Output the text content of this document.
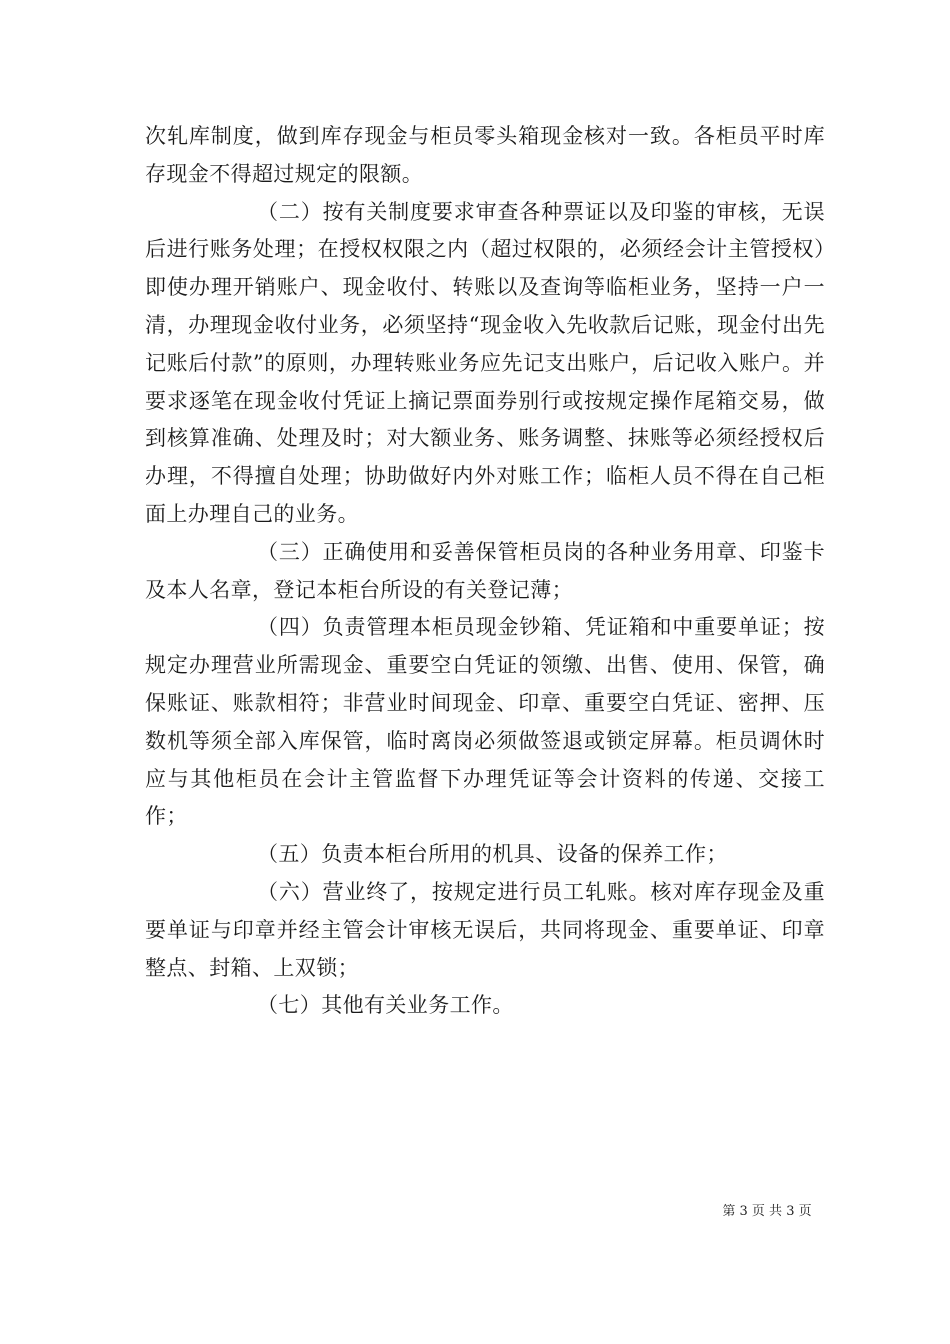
次轧库制度，做到库存现金与柜员零头箱现金核对一致。各柜员平时库存现金不得超过规定的限额。

（二）按有关制度要求审查各种票证以及印鉴的审核，无误后进行账务处理；在授权权限之内（超过权限的，必须经会计主管授权）即使办理开销账户、现金收付、转账以及查询等临柜业务，坚持一户一清，办理现金收付业务，必须坚持“现金收入先收款后记账，现金付出先记账后付款”的原则，办理转账业务应先记支出账户，后记收入账户。并要求逐笔在现金收付凭证上摘记票面券别行或按规定操作尾箱交易，做到核算准确、处理及时；对大额业务、账务调整、抹账等必须经授权后办理，不得擅自处理；协助做好内外对账工作；临柜人员不得在自己柜面上办理自己的业务。

（三）正确使用和妥善保管柜员岗的各种业务用章、印鉴卡及本人名章，登记本柜台所设的有关登记薄；

（四）负责管理本柜员现金钞箱、凭证箱和中重要单证；按规定办理营业所需现金、重要空白凭证的领缴、出售、使用、保管，确保账证、账款相符；非营业时间现金、印章、重要空白凭证、密押、压数机等须全部入库保管，临时离岗必须做签退或锁定屏幕。柜员调休时应与其他柜员在会计主管监督下办理凭证等会计资料的传递、交接工作；

（五）负责本柜台所用的机具、设备的保养工作；

（六）营业终了，按规定进行员工轧账。核对库存现金及重要单证与印章并经主管会计审核无误后，共同将现金、重要单证、印章整点、封箱、上双锁；

（七）其他有关业务工作。

第 3 页 共 3 页
